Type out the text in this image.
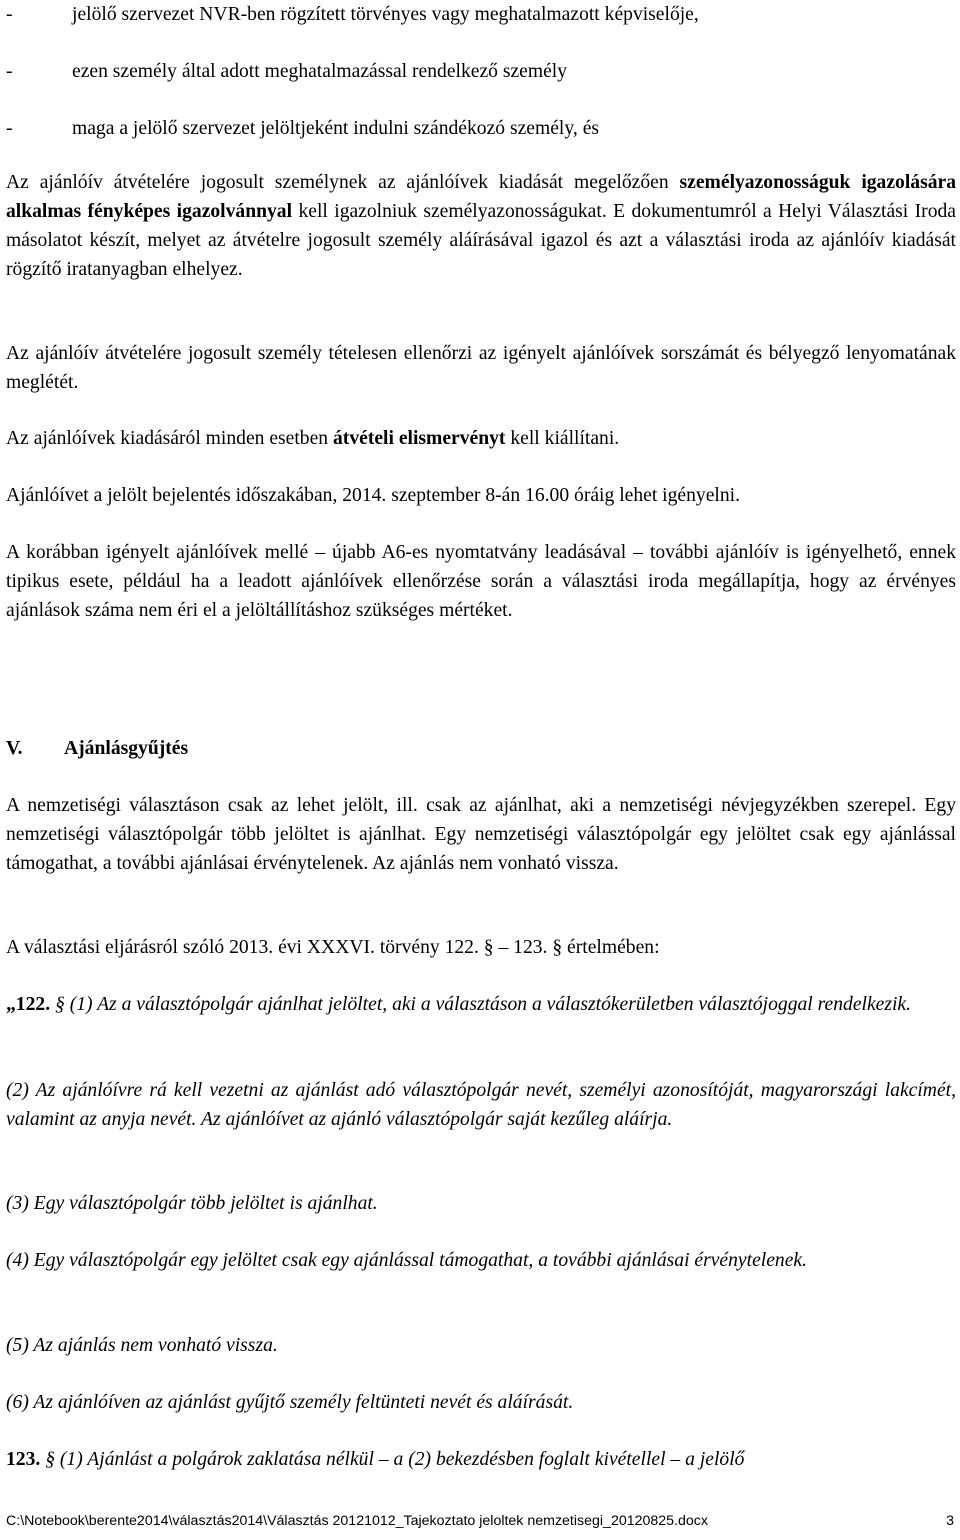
-	jelölő szervezet NVR-ben rögzített törvényes vagy meghatalmazott képviselője,
-	ezen személy által adott meghatalmazással rendelkező személy
-	maga a jelölő szervezet jelöltjeként indulni szándékozó személy, és

Az ajánlóív átvételére jogosult személynek az ajánlóívek kiadását megelőzően személyazonosságuk igazolására alkalmas fényképes igazolvánnyal kell igazolniuk személyazonosságukat. E dokumentumról a Helyi Választási Iroda másolatot készít, melyet az átvételre jogosult személy aláírásával igazol és azt a választási iroda az ajánlóív kiadását rögzítő iratanyagban elhelyez.

Az ajánlóív átvételére jogosult személy tételesen ellenőrzi az igényelt ajánlóívek sorszámát és bélyegző lenyomatának meglétét.

Az ajánlóívek kiadásáról minden esetben átvételi elismervényt kell kiállítani.

Ajánlóívet a jelölt bejelentés időszakában, 2014. szeptember 8-án 16.00 óráig lehet igényelni.

A korábban igényelt ajánlóívek mellé – újabb A6-es nyomtatvány leadásával – további ajánlóív is igényelhető, ennek tipikus esete, például ha a leadott ajánlóívek ellenőrzése során a választási iroda megállapítja, hogy az érvényes ajánlások száma nem éri el a jelöltállításhoz szükséges mértéket.

V. Ajánlásgyűjtés

A nemzetiségi választáson csak az lehet jelölt, ill. csak az ajánlhat, aki a nemzetiségi névjegyzékben szerepel. Egy nemzetiségi választópolgár több jelöltet is ajánlhat. Egy nemzetiségi választópolgár egy jelöltet csak egy ajánlással támogathat, a további ajánlásai érvénytelenek. Az ajánlás nem vonható vissza.

A választási eljárásról szóló 2013. évi XXXVI. törvény 122. § – 123. § értelmében:

„122. § (1) Az a választópolgár ajánlhat jelöltet, aki a választáson a választókerületben választójoggal rendelkezik.

(2) Az ajánlóívre rá kell vezetni az ajánlást adó választópolgár nevét, személyi azonosítóját, magyarországi lakcímét, valamint az anyja nevét. Az ajánlóívet az ajánló választópolgár saját kezűleg aláírja.

(3) Egy választópolgár több jelöltet is ajánlhat.

(4) Egy választópolgár egy jelöltet csak egy ajánlással támogathat, a további ajánlásai érvénytelenek.

(5) Az ajánlás nem vonható vissza.

(6) Az ajánlóíven az ajánlást gyűjtő személy feltünteti nevét és aláírását.

123. § (1) Ajánlást a polgárok zaklatása nélkül – a (2) bekezdésben foglalt kivétellel – a jelölő

C:\Notebook\berente2014\választás2014\Választás 20121012_Tajekoztato jeloltek nemzetisegi_20120825.docx	3
